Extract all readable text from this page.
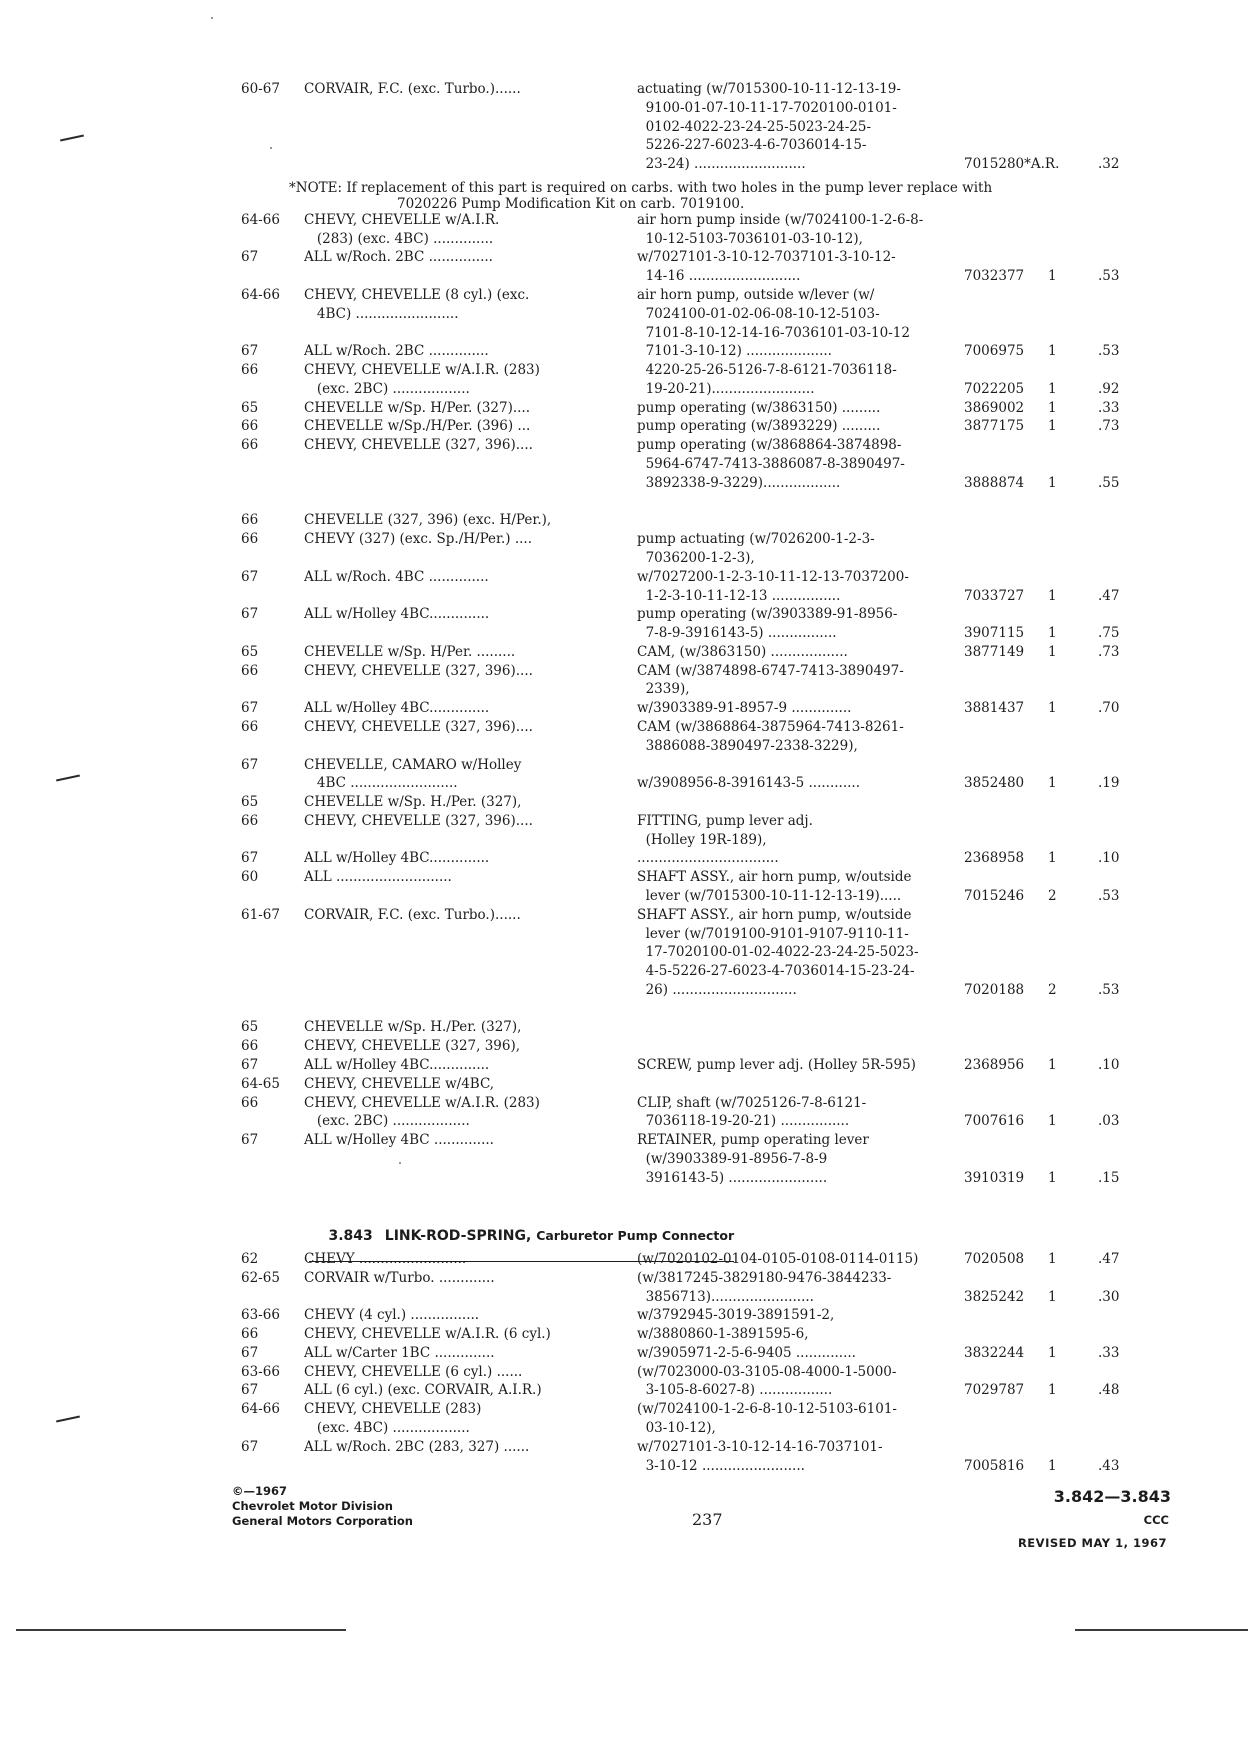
60-67 CORVAIR, F.C. (exc. Turbo.)......	actuating (w/7015300-10-11-12-13-19-
9100-01-07-10-11-17-7020100-0101-
0102-4022-23-24-25-5023-24-25-
5226-227-6023-4-6-7036014-15-
23-24) ..........................	7015280*A.R.	.32
64-66 CHEVY, CHEVELLE w/A.I.R.	air horn pump inside (w/7024100-1-2-6-8-
(283) (exc. 4BC) ..............	10-12-5103-7036101-03-10-12),
67	ALL w/Roch. 2BC ...............	w/7027101-3-10-12-7037101-3-10-12-
14-16 ..........................	7032377 1	.53
64-66 CHEVY, CHEVELLE (8 cyl.) (exc.	air horn pump, outside w/lever (w/
4BC) ........................	7024100-01-02-06-08-10-12-5103-
7101-8-10-12-14-16-7036101-03-10-12
67	ALL w/Roch. 2BC ..............	7101-3-10-12) ....................	7006975 1	.53
66	CHEVY, CHEVELLE w/A.I.R. (283)	4220-25-26-5126-7-8-6121-7036118-
(exc. 2BC) ..................	19-20-21)........................	7022205 1	.92
65	CHEVELLE w/Sp. H/Per. (327)....	pump operating (w/3863150) .........	3869002 1	.33
66	CHEVELLE w/Sp./H/Per. (396) ...	pump operating (w/3893229) .........	3877175 1	.73
66	CHEVY, CHEVELLE (327, 396)....	pump operating (w/3868864-3874898-
5964-6747-7413-3886087-8-3890497-
3892338-9-3229)..................	3888874 1	.55
66	CHEVELLE (327, 396) (exc. H/Per.),
66	CHEVY (327) (exc. Sp./H/Per.) ....	pump actuating (w/7026200-1-2-3-
7036200-1-2-3),
67	ALL w/Roch. 4BC ..............	w/7027200-1-2-3-10-11-12-13-7037200-
1-2-3-10-11-12-13 ................	7033727 1	.47
67	ALL w/Holley 4BC..............	pump operating (w/3903389-91-8956-
7-8-9-3916143-5) ................	3907115 1	.75
65	CHEVELLE w/Sp. H/Per. .........	CAM, (w/3863150) ..................	3877149 1	.73
66	CHEVY, CHEVELLE (327, 396)....	CAM (w/3874898-6747-7413-3890497-
2339),
67	ALL w/Holley 4BC..............	w/3903389-91-8957-9 ..............	3881437 1	.70
66	CHEVY, CHEVELLE (327, 396)....	CAM (w/3868864-3875964-7413-8261-
3886088-3890497-2338-3229),
67	CHEVELLE, CAMARO w/Holley
4BC .........................	w/3908956-8-3916143-5 ............	3852480 1	.19
65	CHEVELLE w/Sp. H./Per. (327),
66	CHEVY, CHEVELLE (327, 396)....	FITTING, pump lever adj.
(Holley 19R-189),
67	ALL w/Holley 4BC..............	.................................	2368958 1	.10
60	ALL ...........................	SHAFT ASSY., air horn pump, w/outside
lever (w/7015300-10-11-12-13-19).....	7015246 2	.53
61-67 CORVAIR, F.C. (exc. Turbo.)......	SHAFT ASSY., air horn pump, w/outside
lever (w/7019100-9101-9107-9110-11-
17-7020100-01-02-4022-23-24-25-5023-
4-5-5226-27-6023-4-7036014-15-23-24-
26) .............................	7020188 2	.53
65	CHEVELLE w/Sp. H./Per. (327),
66	CHEVY, CHEVELLE (327, 396),
67	ALL w/Holley 4BC..............	SCREW, pump lever adj. (Holley 5R-595)	2368956 1	.10
64-65 CHEVY, CHEVELLE w/4BC,
66	CHEVY, CHEVELLE w/A.I.R. (283)	CLIP, shaft (w/7025126-7-8-6121-
(exc. 2BC) ..................	7036118-19-20-21) ................	7007616 1	.03
67	ALL w/Holley 4BC ..............	RETAINER, pump operating lever
(w/3903389-91-8956-7-8-9
3916143-5) .......................	3910319 1	.15
*NOTE: If replacement of this part is required on carbs. with two holes in the pump lever replace with
7020226 Pump Modification Kit on carb. 7019100.

3.843 LINK-ROD-SPRING, Carburetor Pump Connector

62	CHEVY .........................	(w/7020102-0104-0105-0108-0114-0115)	7020508 1	.47
62-65 CORVAIR w/Turbo. .............	(w/3817245-3829180-9476-3844233-
3856713)........................	3825242 1	.30
63-66 CHEVY (4 cyl.) ................	w/3792945-3019-3891591-2,
66	CHEVY, CHEVELLE w/A.I.R. (6 cyl.)	w/3880860-1-3891595-6,
67	ALL w/Carter 1BC ..............	w/3905971-2-5-6-9405 ..............	3832244 1	.33
63-66 CHEVY, CHEVELLE (6 cyl.) ......	(w/7023000-03-3105-08-4000-1-5000-
67	ALL (6 cyl.) (exc. CORVAIR, A.I.R.)	3-105-8-6027-8) .................	7029787 1	.48
64-66 CHEVY, CHEVELLE (283)	(w/7024100-1-2-6-8-10-12-5103-6101-
(exc. 4BC) ..................	03-10-12),
67	ALL w/Roch. 2BC (283, 327) ......	w/7027101-3-10-12-14-16-7037101-
3-10-12 ........................	7005816 1	.43
©—1967
Chevrolet Motor Division
General Motors Corporation	237
3.842—3.843
CCC
REVISED MAY 1, 1967
